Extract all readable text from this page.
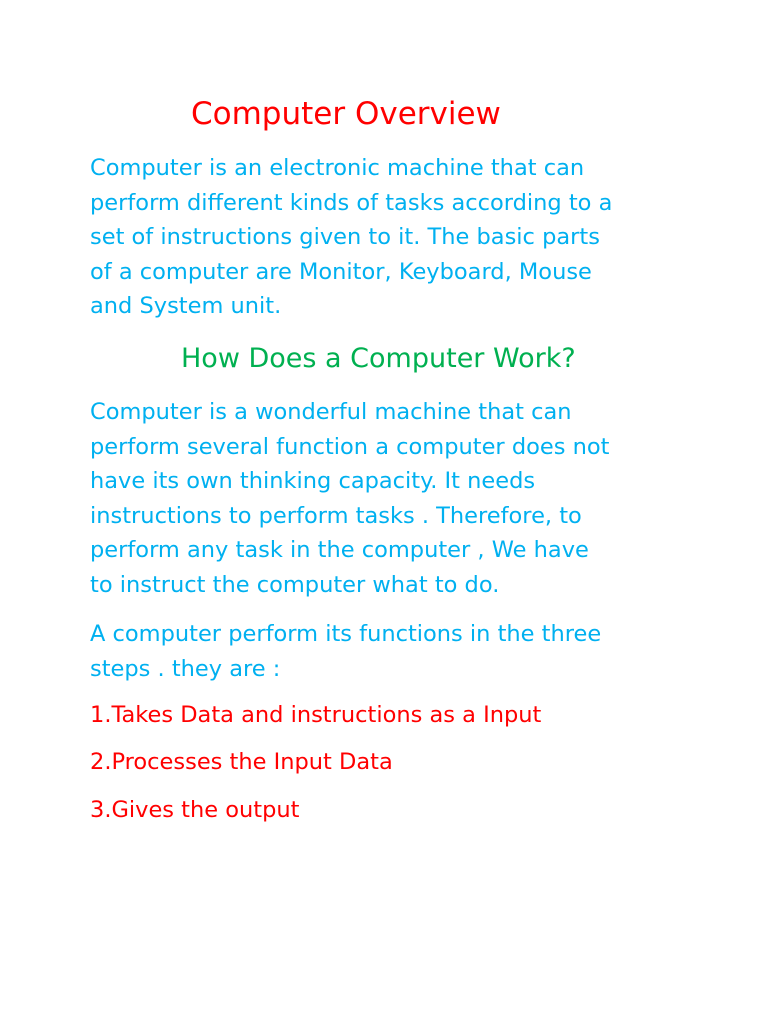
Computer Overview

Computer is an electronic machine that can
perform different kinds of tasks according to a
set of instructions given to it. The basic parts
of a computer are Monitor, Keyboard, Mouse
and System unit.

How Does a Computer Work?

Computer is a wonderful machine that can
perform several function a computer does not
have its own thinking capacity. It needs
instructions to perform tasks . Therefore, to
perform any task in the computer , We have
to instruct the computer what to do.

A computer perform its functions in the three
steps . they are :

1.Takes Data and instructions as a Input

2.Processes the Input Data

3.Gives the output
